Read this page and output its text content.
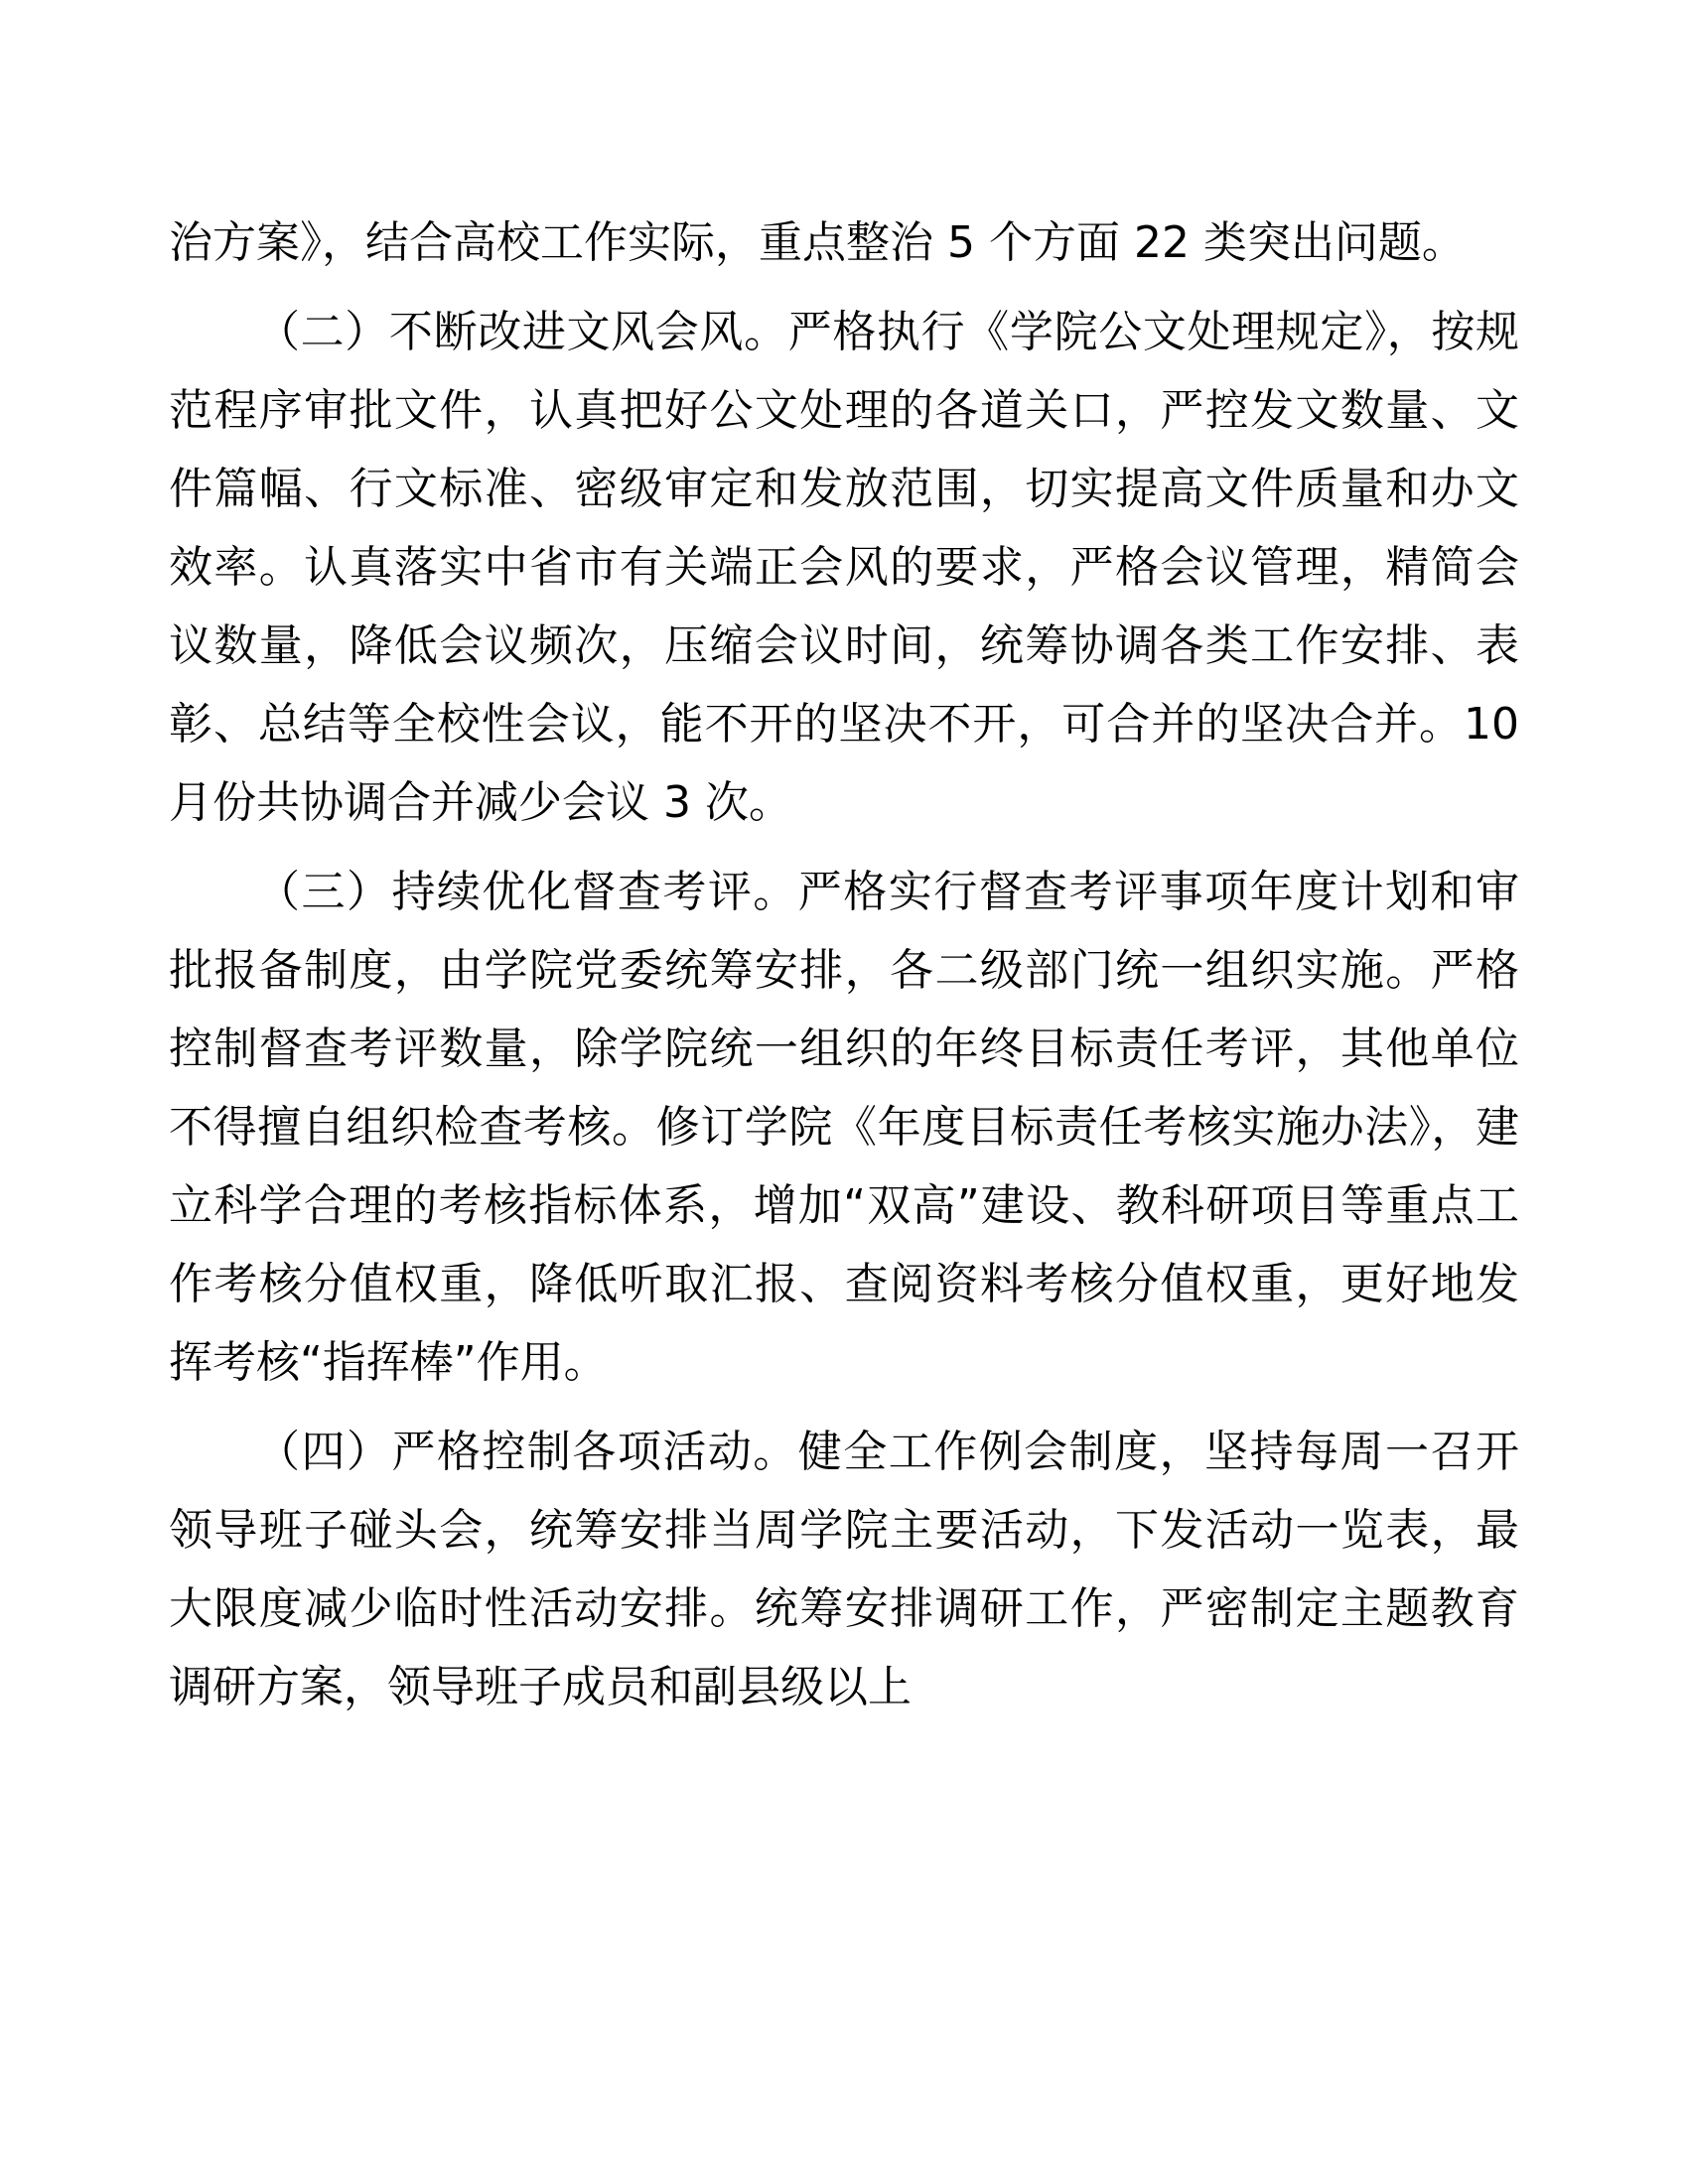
治方案》，结合高校工作实际，重点整治 5 个方面 22 类突出问题。

（二）不断改进文风会风。严格执行《学院公文处理规定》，按规范程序审批文件，认真把好公文处理的各道关口，严控发文数量、文件篇幅、行文标准、密级审定和发放范围，切实提高文件质量和办文效率。认真落实中省市有关端正会风的要求，严格会议管理，精简会议数量，降低会议频次，压缩会议时间，统筹协调各类工作安排、表彰、总结等全校性会议，能不开的坚决不开，可合并的坚决合并。10 月份共协调合并减少会议 3 次。

（三）持续优化督查考评。严格实行督查考评事项年度计划和审批报备制度，由学院党委统筹安排，各二级部门统一组织实施。严格控制督查考评数量，除学院统一组织的年终目标责任考评，其他单位不得擅自组织检查考核。修订学院《年度目标责任考核实施办法》，建立科学合理的考核指标体系，增加“双高”建设、教科研项目等重点工作考核分值权重，降低听取汇报、查阅资料考核分值权重，更好地发挥考核“指挥棒”作用。

（四）严格控制各项活动。健全工作例会制度，坚持每周一召开领导班子碰头会，统筹安排当周学院主要活动，下发活动一览表，最大限度减少临时性活动安排。统筹安排调研工作，严密制定主题教育调研方案，领导班子成员和副县级以上
